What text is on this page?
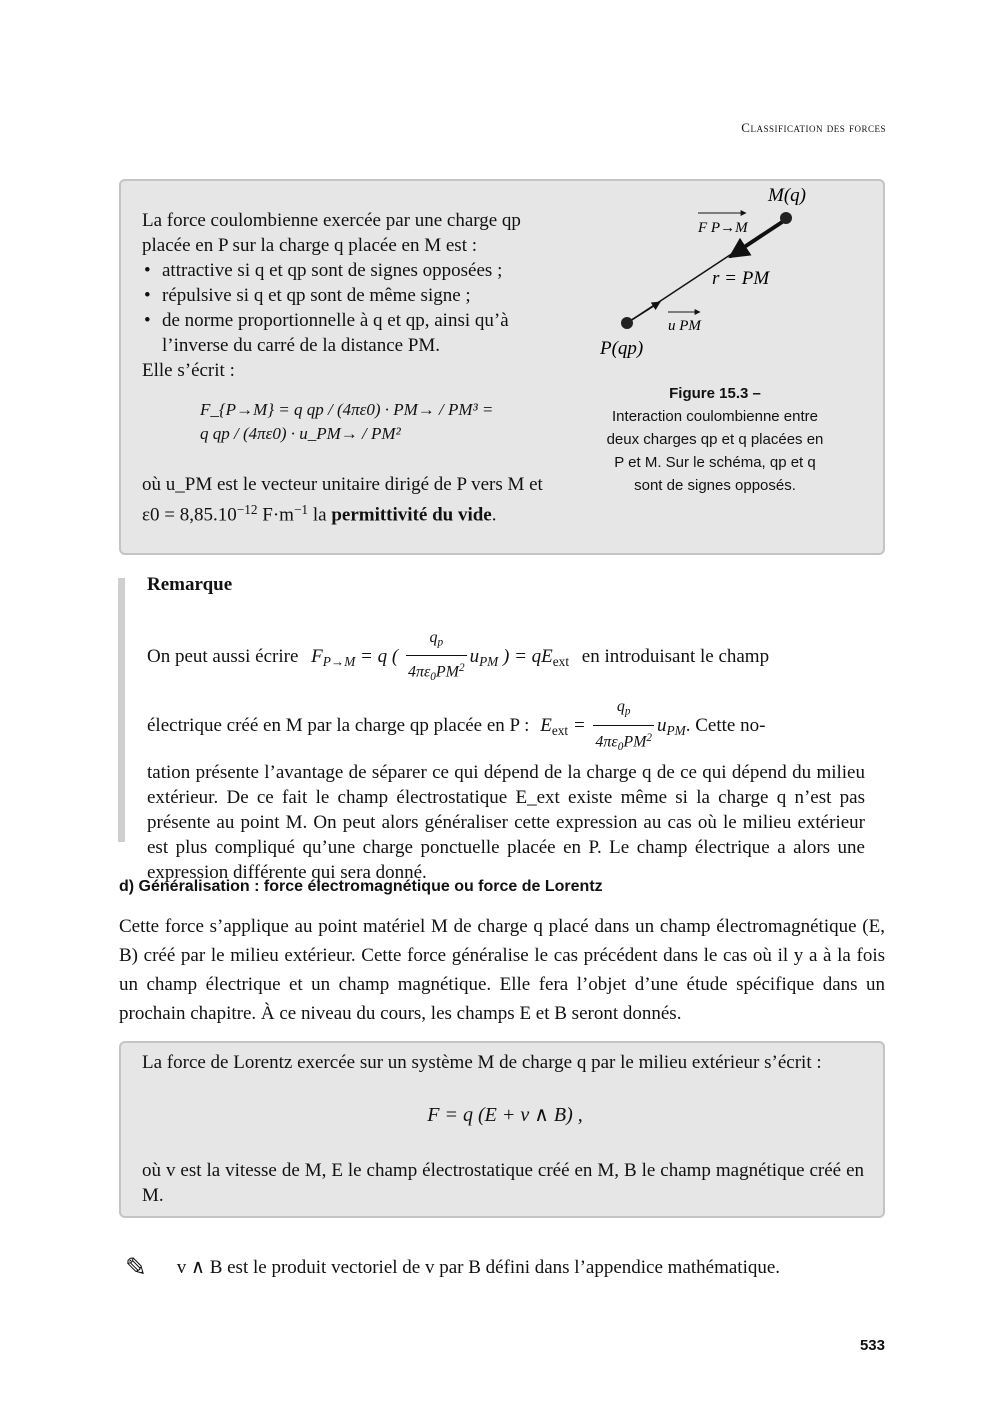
Classification des forces
La force coulombienne exercée par une charge qp placée en P sur la charge q placée en M est :
• attractive si q et qp sont de signes opposées ;
• répulsive si q et qp sont de même signe ;
• de norme proportionnelle à q et qp, ainsi qu’à l’inverse du carré de la distance PM.
Elle s’écrit :
F_{P→M} = q qp / (4πε0) · PM→ / PM³ = q qp / (4πε0) · u_PM→ / PM²
où u_PM est le vecteur unitaire dirigé de P vers M et
$\varepsilon 0 = 8,85.10^{-12}$ $F\cdot m^{-1}$ la permittivité du vide.
M(q)
F P→M
r = PM
u PM
P(qp)
Figure 15.3 –
Interaction coulombienne entre deux charges qp et q placées en P et M. Sur le schéma, qp et q sont de signes opposés.
Remarque
On peut aussi écrire $F_{P\to M} = q$ ( $\frac{q_p}{4\pi\varepsilon_0PM^2} u_{PM}$ ) = $qE_{ext}$ en introduisant le champ
électrique créé en M par la charge qp placée en P : $E_{ext} = \frac{q_p}{4\pi\varepsilon_0PM^2} u_{PM}$. Cette no-
tation présente l’avantage de séparer ce qui dépend de la charge q de ce qui dépend du milieu extérieur. De ce fait le champ électrostatique E_ext existe même si la charge q n’est pas présente au point M. On peut alors généraliser cette expression au cas où le milieu extérieur est plus compliqué qu’une charge ponctuelle placée en P. Le champ électrique a alors une expression différente qui sera donné.
d) Généralisation : force électromagnétique ou force de Lorentz
Cette force s’applique au point matériel M de charge q placé dans un champ électromagnétique (E, B) créé par le milieu extérieur. Cette force généralise le cas précédent dans le cas où il y a à la fois un champ électrique et un champ magnétique. Elle fera l’objet d’une étude spécifique dans un prochain chapitre. À ce niveau du cours, les champs E et B seront donnés.
La force de Lorentz exercée sur un système M de charge q par le milieu extérieur s’écrit :
F = q (E + v ∧ B) ,
où v est la vitesse de M, E le champ électrostatique créé en M, B le champ magnétique créé en M.
✎ v ∧ B est le produit vectoriel de v par B défini dans l’appendice mathématique.
533
